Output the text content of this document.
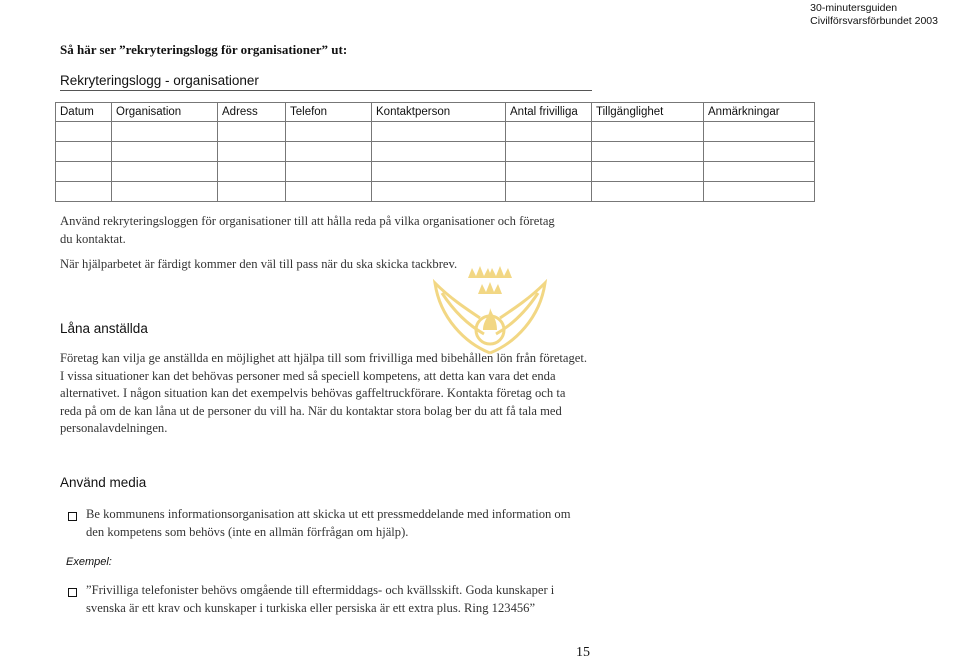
30-minutersguiden
Civilförsvarsförbundet 2003
Så här ser ”rekryteringslogg för organisationer” ut:
Rekryteringslogg - organisationer
Datum	Organisation	Adress	Telefon	Kontaktperson	Antal frivilliga	Tillgänglighet	Anmärkningar

Använd rekryteringsloggen för organisationer till att hålla reda på vilka organisationer och företag
du kontaktat.
När hjälparbetet är färdigt kommer den väl till pass när du ska skicka tackbrev.
Låna anställda
Företag kan vilja ge anställda en möjlighet att hjälpa till som frivilliga med bibehållen lön från företaget.
I vissa situationer kan det behövas personer med så speciell kompetens, att detta kan vara det enda
alternativet. I någon situation kan det exempelvis behövas gaffeltruckförare. Kontakta företag och ta
reda på om de kan låna ut de personer du vill ha. När du kontaktar stora bolag ber du att få tala med
personalavdelningen.
Använd media
Be kommunens informationsorganisation att skicka ut ett pressmeddelande med information om
den kompetens som behövs (inte en allmän förfrågan om hjälp).
Exempel:
”Frivilliga telefonister behövs omgående till eftermiddags- och kvällsskift. Goda kunskaper i
svenska är ett krav och kunskaper i turkiska eller persiska är ett extra plus. Ring 123456”
15
